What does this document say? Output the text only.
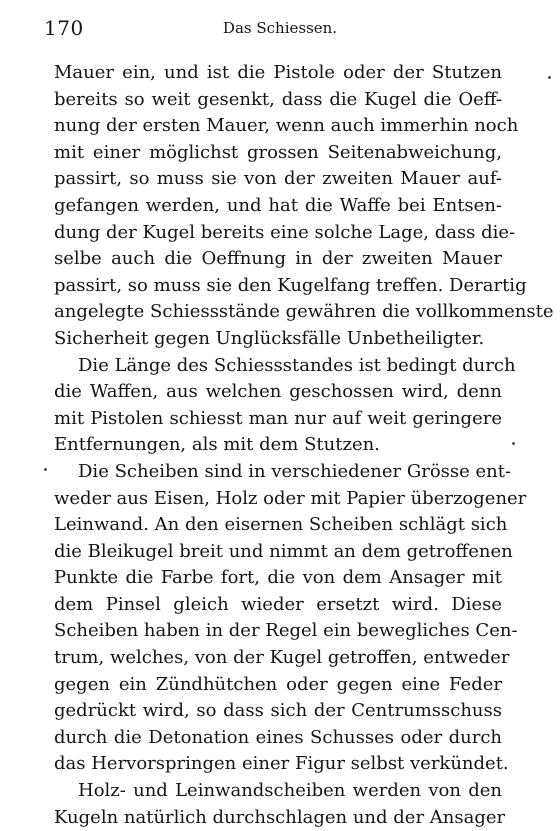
170	Das Schiessen.
Mauer ein, und ist die Pistole oder der Stutzen
bereits so weit gesenkt, dass die Kugel die Oeff-
nung der ersten Mauer, wenn auch immerhin noch
mit einer möglichst grossen Seitenabweichung,
passirt, so muss sie von der zweiten Mauer auf-
gefangen werden, und hat die Waffe bei Entsen-
dung der Kugel bereits eine solche Lage, dass die-
selbe auch die Oeffnung in der zweiten Mauer
passirt, so muss sie den Kugelfang treffen. Derartig
angelegte Schiessstände gewähren die vollkommenste
Sicherheit gegen Unglücksfälle Unbetheiligter.
Die Länge des Schiessstandes ist bedingt durch
die Waffen, aus welchen geschossen wird, denn
mit Pistolen schiesst man nur auf weit geringere
Entfernungen, als mit dem Stutzen.
Die Scheiben sind in verschiedener Grösse ent-
weder aus Eisen, Holz oder mit Papier überzogener
Leinwand. An den eisernen Scheiben schlägt sich
die Bleikugel breit und nimmt an dem getroffenen
Punkte die Farbe fort, die von dem Ansager mit
dem Pinsel gleich wieder ersetzt wird. Diese
Scheiben haben in der Regel ein bewegliches Cen-
trum, welches, von der Kugel getroffen, entweder
gegen ein Zündhütchen oder gegen eine Feder
gedrückt wird, so dass sich der Centrumsschuss
durch die Detonation eines Schusses oder durch
das Hervorspringen einer Figur selbst verkündet.
Holz- und Leinwandscheiben werden von den
Kugeln natürlich durchschlagen und der Ansager
